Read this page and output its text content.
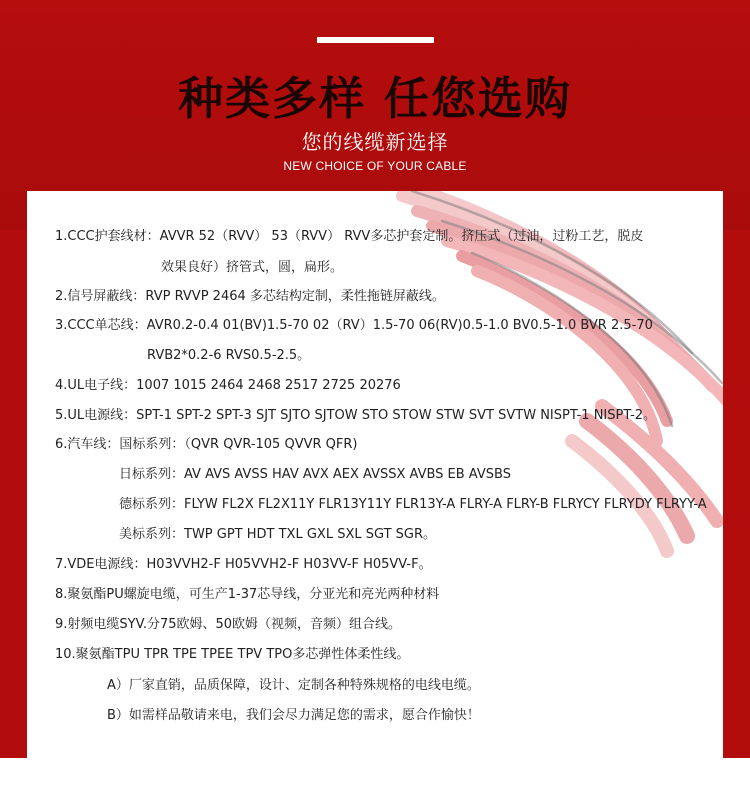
种类多样 任您选购
您的线缆新选择
NEW CHOICE OF YOUR CABLE
1.CCC护套线材：AVVR 52（RVV） 53（RVV） RVV多芯护套定制。挤压式（过油，过粉工艺，脱皮
效果良好）挤管式，圆，扁形。
2.信号屏蔽线：RVP RVVP 2464 多芯结构定制，柔性拖链屏蔽线。
3.CCC单芯线：AVR0.2-0.4 01(BV)1.5-70 02（RV）1.5-70 06(RV)0.5-1.0 BV0.5-1.0 BVR 2.5-70
RVB2*0.2-6 RVS0.5-2.5。
4.UL电子线：1007 1015 2464 2468 2517 2725 20276
5.UL电源线：SPT-1 SPT-2 SPT-3 SJT SJTO SJTOW STO STOW STW SVT SVTW NISPT-1 NISPT-2。
6.汽车线：国标系列：（QVR QVR-105 QVVR QFR)
日标系列：AV AVS AVSS HAV AVX AEX AVSSX AVBS EB AVSBS
德标系列：FLYW FL2X FL2X11Y FLR13Y11Y FLR13Y-A FLRY-A FLRY-B FLRYCY FLRYDY FLRYY-A
美标系列：TWP GPT HDT TXL GXL SXL SGT SGR。
7.VDE电源线：H03VVH2-F H05VVH2-F H03VV-F H05VV-F。
8.聚氨酯PU螺旋电缆，可生产1-37芯导线，分亚光和亮光两种材料
9.射频电缆SYV.分75欧姆、50欧姆（视频，音频）组合线。
10.聚氨酯TPU TPR TPE TPEE TPV TPO多芯弹性体柔性线。
A）厂家直销，品质保障，设计、定制各种特殊规格的电线电缆。
B）如需样品敬请来电，我们会尽力满足您的需求，愿合作愉快！
